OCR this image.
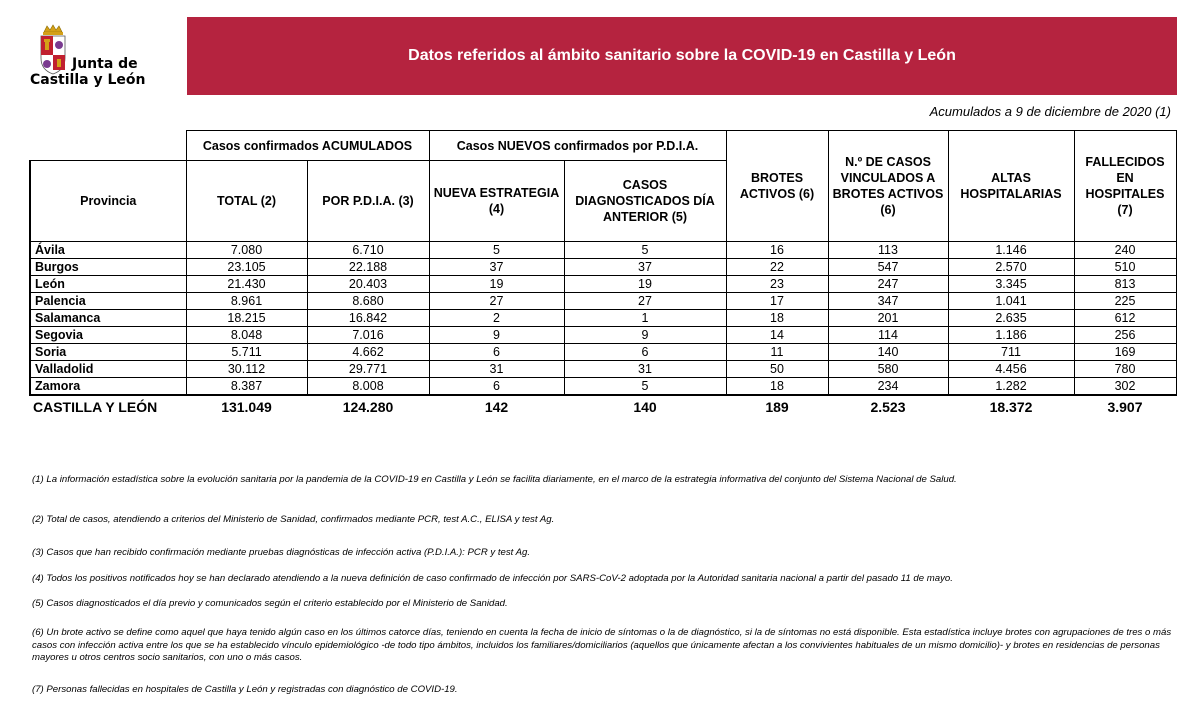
Junta de
Castilla y León
Datos referidos al ámbito sanitario sobre la COVID-19 en Castilla y León
Acumulados a 9 de diciembre de 2020 (1)
	Casos confirmados ACUMULADOS		Casos NUEVOS confirmados por P.D.I.A.		BROTES ACTIVOS (6)	N.º DE CASOS VINCULADOS A BROTES ACTIVOS (6)	ALTAS HOSPITALARIAS	FALLECIDOS EN HOSPITALES (7)
Provincia	TOTAL (2)	POR P.D.I.A. (3)	NUEVA ESTRATEGIA (4)	CASOS DIAGNOSTICADOS DÍA ANTERIOR (5)				
Ávila	7.080	6.710	5	5	16	113	1.146	240
Burgos	23.105	22.188	37	37	22	547	2.570	510
León	21.430	20.403	19	19	23	247	3.345	813
Palencia	8.961	8.680	27	27	17	347	1.041	225
Salamanca	18.215	16.842	2	1	18	201	2.635	612
Segovia	8.048	7.016	9	9	14	114	1.186	256
Soria	5.711	4.662	6	6	11	140	711	169
Valladolid	30.112	29.771	31	31	50	580	4.456	780
Zamora	8.387	8.008	6	5	18	234	1.282	302
CASTILLA Y LEÓN	131.049	124.280	142	140	189	2.523	18.372	3.907

(1) La información estadística sobre la evolución sanitaria por la pandemia de la COVID-19 en Castilla y León se facilita diariamente, en el marco de la estrategia informativa del conjunto del Sistema Nacional de Salud.

(2) Total de casos, atendiendo a criterios del Ministerio de Sanidad, confirmados mediante PCR, test A.C., ELISA y test Ag.

(3) Casos que han recibido confirmación mediante pruebas diagnósticas de infección activa (P.D.I.A.): PCR y test Ag.

(4) Todos los positivos notificados hoy se han declarado atendiendo a la nueva definición de caso confirmado de infección por SARS-CoV-2 adoptada por la Autoridad sanitaria nacional a partir del pasado 11 de mayo.

(5) Casos diagnosticados el día previo y comunicados según el criterio establecido por el Ministerio de Sanidad.

(6) Un brote activo se define como aquel que haya tenido algún caso en los últimos catorce días, teniendo en cuenta la fecha de inicio de síntomas o la de diagnóstico, si la de síntomas no está disponible. Esta estadística incluye brotes con agrupaciones de tres o más casos con infección activa entre los que se ha establecido vínculo epidemiológico -de todo tipo ámbitos, incluidos los familiares/domiciliarios (aquellos que únicamente afectan a los convivientes habituales de un mismo domicilio)- y brotes en residencias de personas mayores u otros centros socio sanitarios, con uno o más casos.

(7) Personas fallecidas en hospitales de Castilla y León y registradas con diagnóstico de COVID-19.
